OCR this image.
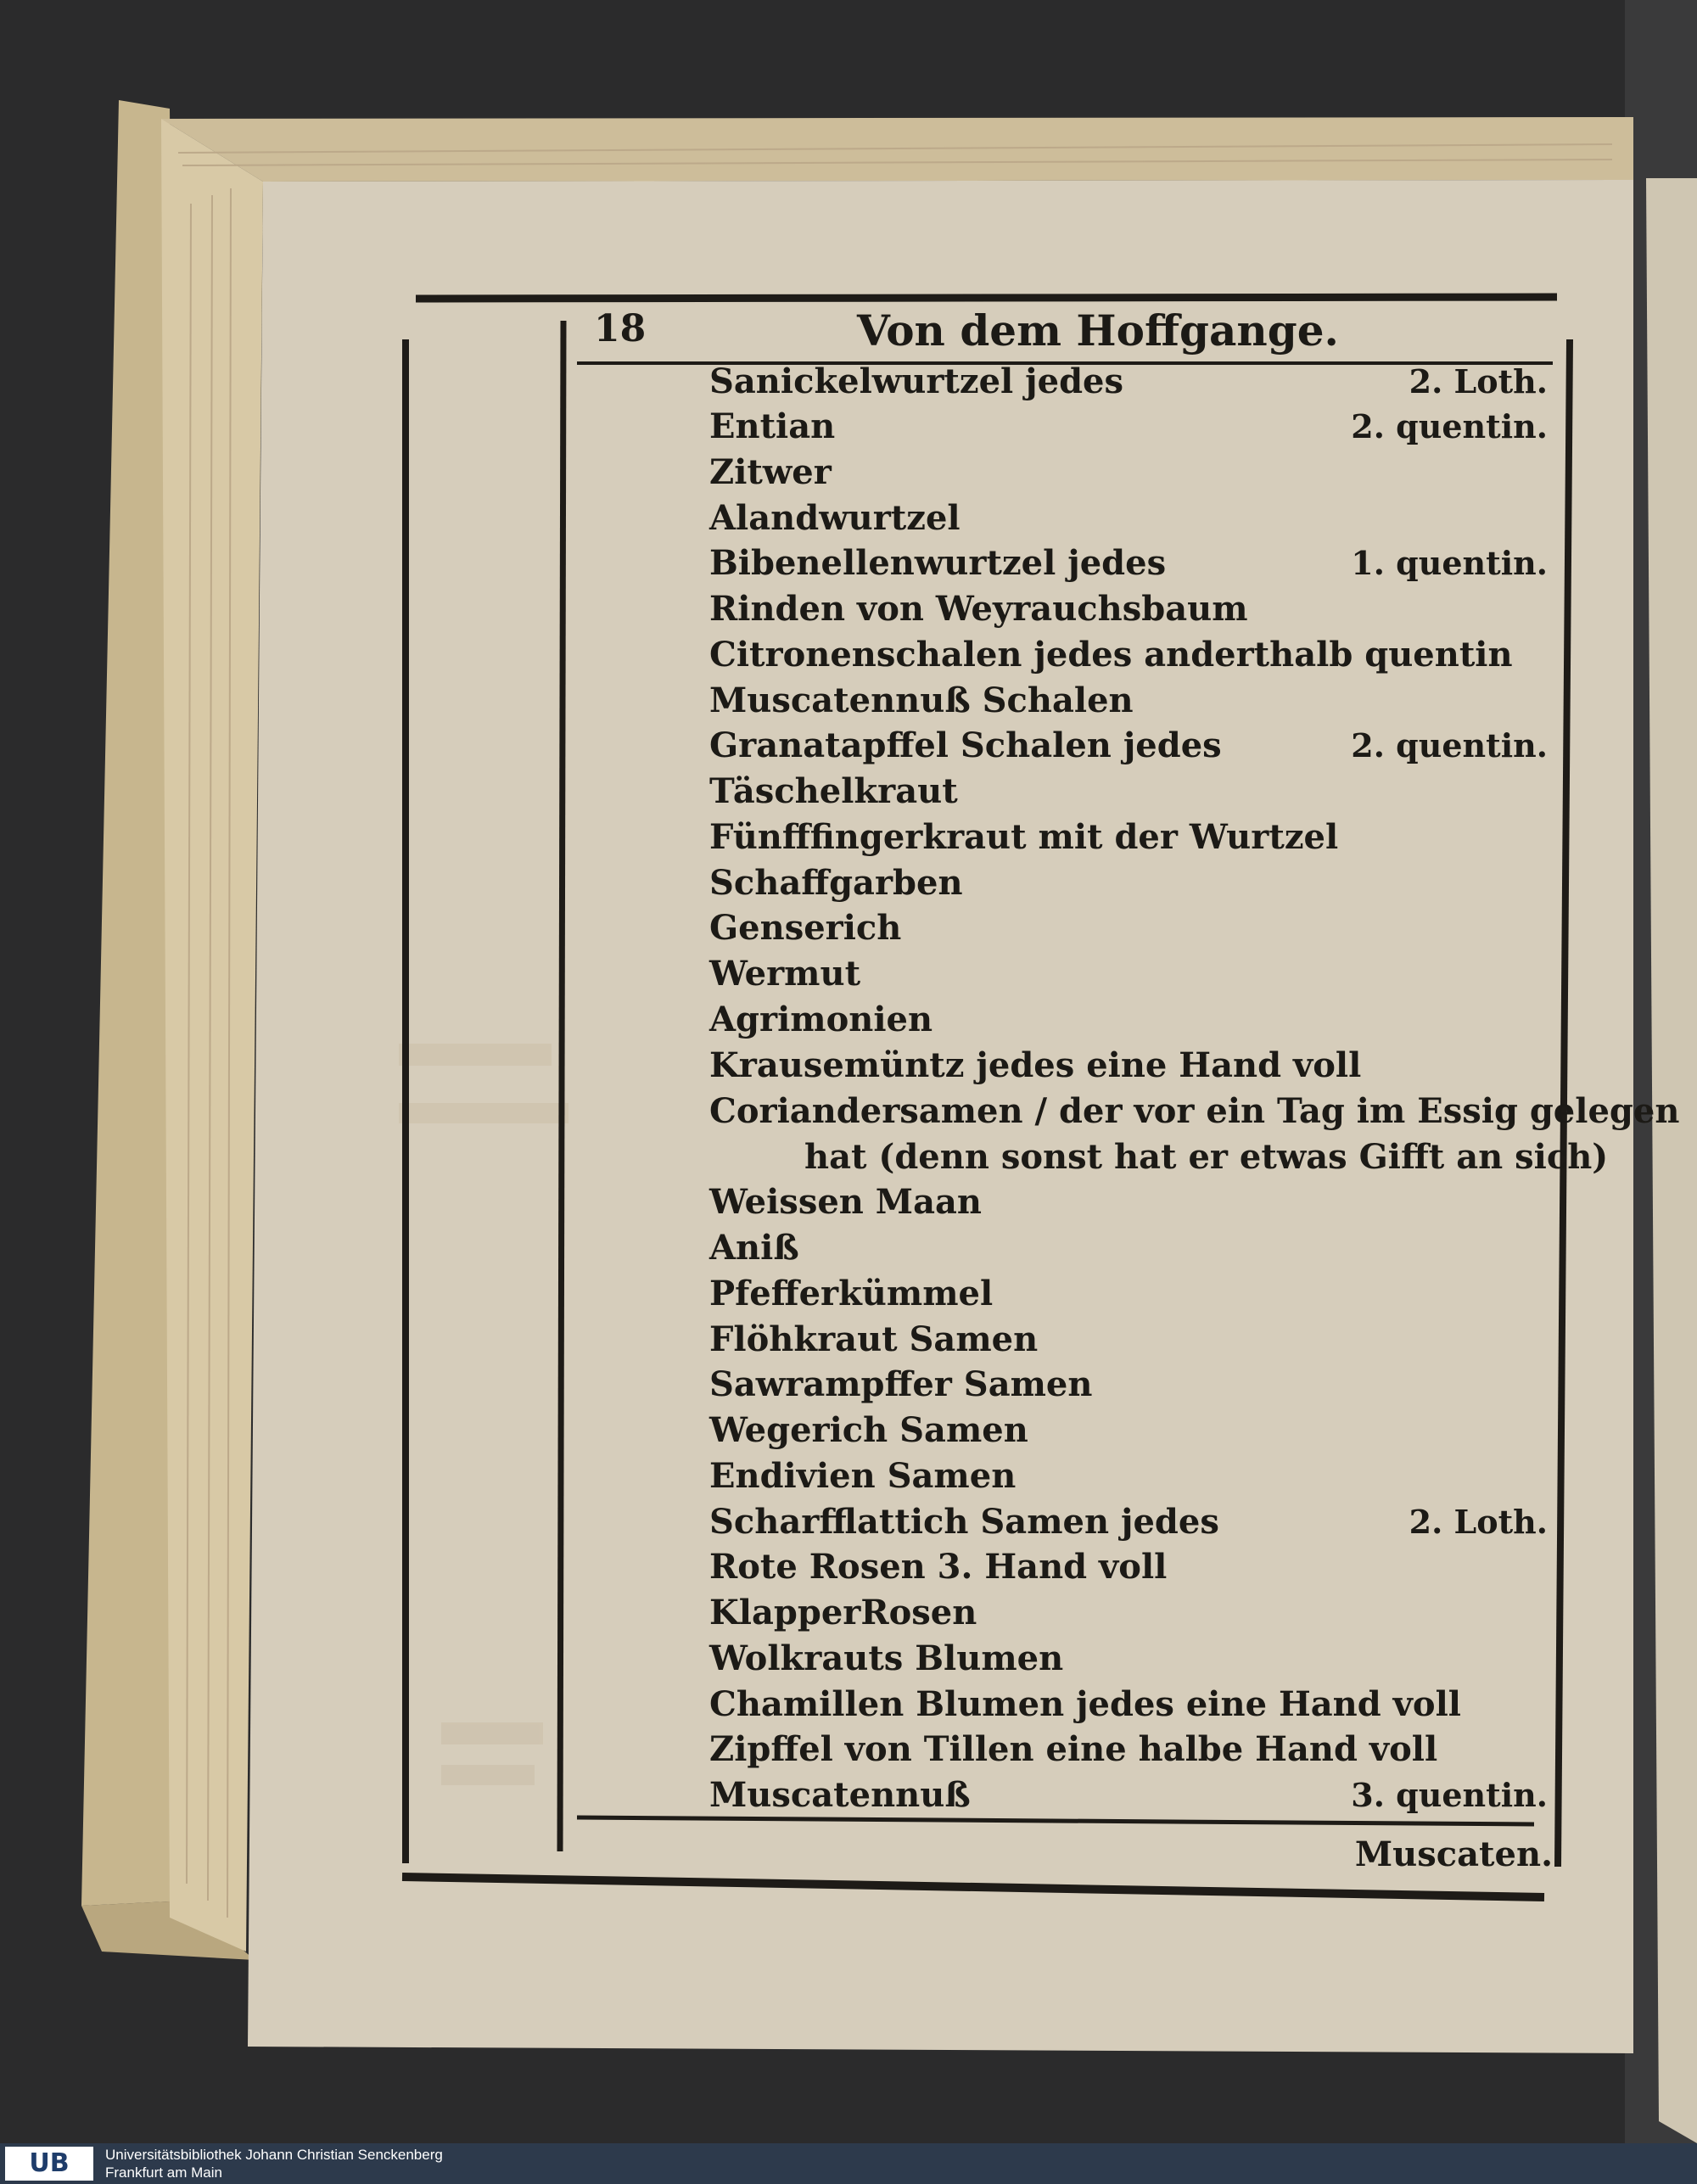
18	Von dem Hoffgange.
Sanickelwurtzel jedes	2. Loth.
Entian	2. quentin.
Zitwer
Alandwurtzel
Bibenellenwurtzel jedes	1. quentin.
Rinden von Weyrauchsbaum
Citronenschalen jedes anderthalb quentin
Muscatennuß Schalen
Granatapffel Schalen jedes	2. quentin.
Täschelkraut
Fünfffingerkraut mit der Wurtzel
Schaffgarben
Genserich
Wermut
Agrimonien
Krausemüntz jedes eine Hand voll
Coriandersamen / der vor ein Tag im Essig gelegen
hat (denn sonst hat er etwas Gifft an sich)
Weissen Maan
Aniß
Pfefferkümmel
Flöhkraut Samen
Sawrampffer Samen
Wegerich Samen
Endivien Samen
Scharfflattich Samen jedes	2. Loth.
Rote Rosen 3. Hand voll
KlapperRosen
Wolkrauts Blumen
Chamillen Blumen jedes eine Hand voll
Zipffel von Tillen eine halbe Hand voll
Muscatennuß	3. quentin.
Muscaten.
UB	Universitätsbibliothek Johann Christian Senckenberg
Frankfurt am Main
